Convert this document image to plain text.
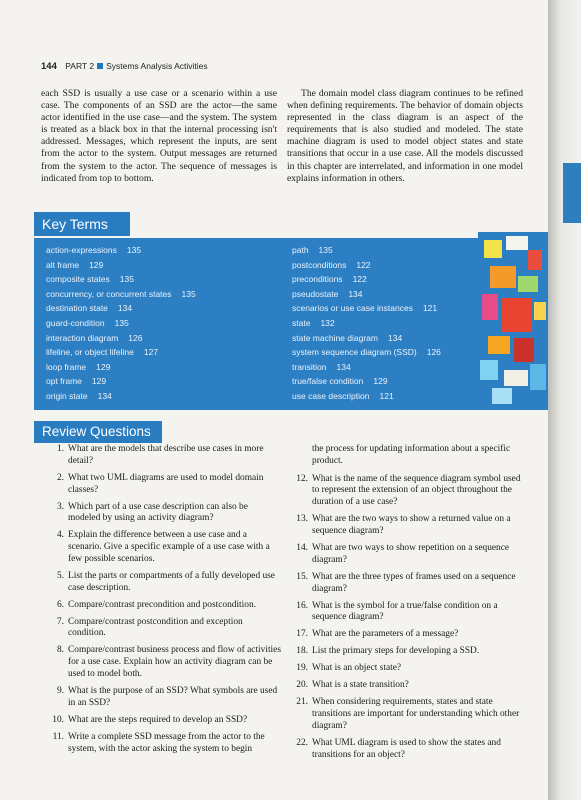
144 PART 2 Systems Analysis Activities
each SSD is usually a use case or a scenario within a use case. The components of an SSD are the actor—the same actor identified in the use case—and the system. The system is treated as a black box in that the internal processing isn't addressed. Messages, which represent the inputs, are sent from the actor to the system. Output messages are returned from the system to the actor. The sequence of messages is indicated from top to bottom.
The domain model class diagram continues to be refined when defining requirements. The behavior of domain objects represented in the class diagram is an aspect of the requirements that is also studied and modeled. The state machine diagram is used to model object states and state transitions that occur in a use case. All the models discussed in this chapter are interrelated, and information in one model explains information in others.
Key Terms
action-expressions 135
alt frame 129
composite states 135
concurrency, or concurrent states 135
destination state 134
guard-condition 135
interaction diagram 126
lifeline, or object lifeline 127
loop frame 129
opt frame 129
origin state 134
path 135
postconditions 122
preconditions 122
pseudostate 134
scenarios or use case instances 121
state 132
state machine diagram 134
system sequence diagram (SSD) 126
transition 134
true/false condition 129
use case description 121
Review Questions
1. What are the models that describe use cases in more detail?
2. What two UML diagrams are used to model domain classes?
3. Which part of a use case description can also be modeled by using an activity diagram?
4. Explain the difference between a use case and a scenario. Give a specific example of a use case with a few possible scenarios.
5. List the parts or compartments of a fully developed use case description.
6. Compare/contrast precondition and postcondition.
7. Compare/contrast postcondition and exception condition.
8. Compare/contrast business process and flow of activities for a use case. Explain how an activity diagram can be used to model both.
9. What is the purpose of an SSD? What symbols are used in an SSD?
10. What are the steps required to develop an SSD?
11. Write a complete SSD message from the actor to the system, with the actor asking the system to begin
the process for updating information about a specific product.
12. What is the name of the sequence diagram symbol used to represent the extension of an object throughout the duration of a use case?
13. What are the two ways to show a returned value on a sequence diagram?
14. What are two ways to show repetition on a sequence diagram?
15. What are the three types of frames used on a sequence diagram?
16. What is the symbol for a true/false condition on a sequence diagram?
17. What are the parameters of a message?
18. List the primary steps for developing a SSD.
19. What is an object state?
20. What is a state transition?
21. When considering requirements, states and state transitions are important for understanding which other diagram?
22. What UML diagram is used to show the states and transitions for an object?
